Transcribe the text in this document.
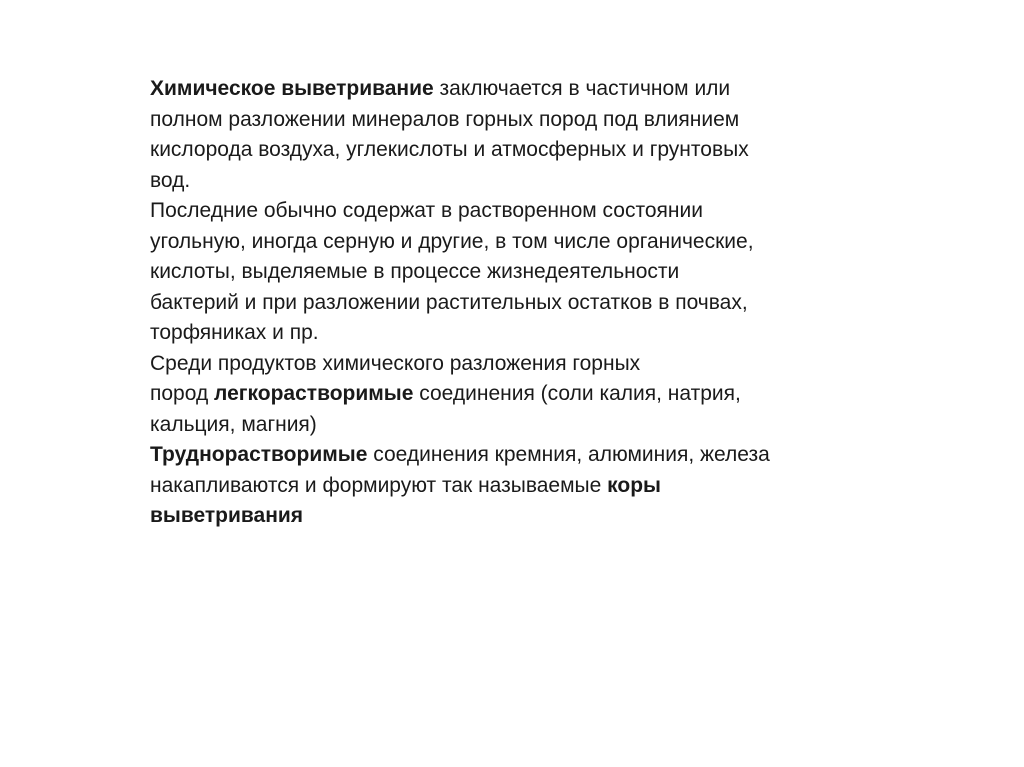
Химическое выветривание заключается в частичном или
полном разложении минералов горных пород под влиянием
кислорода воздуха, углекислоты и атмосферных и грунтовых
вод.
Последние обычно содержат в растворенном состоянии
угольную, иногда серную и другие, в том числе органические,
кислоты, выделяемые в процессе жизнедеятельности
бактерий и при разложении растительных остатков в почвах,
торфяниках и пр.
Среди продуктов химического разложения горных
пород легкорастворимые соединения (соли калия, натрия,
кальция, магния)
Труднорастворимые соединения кремния, алюминия, железа
накапливаются и формируют так называемые коры
выветривания
